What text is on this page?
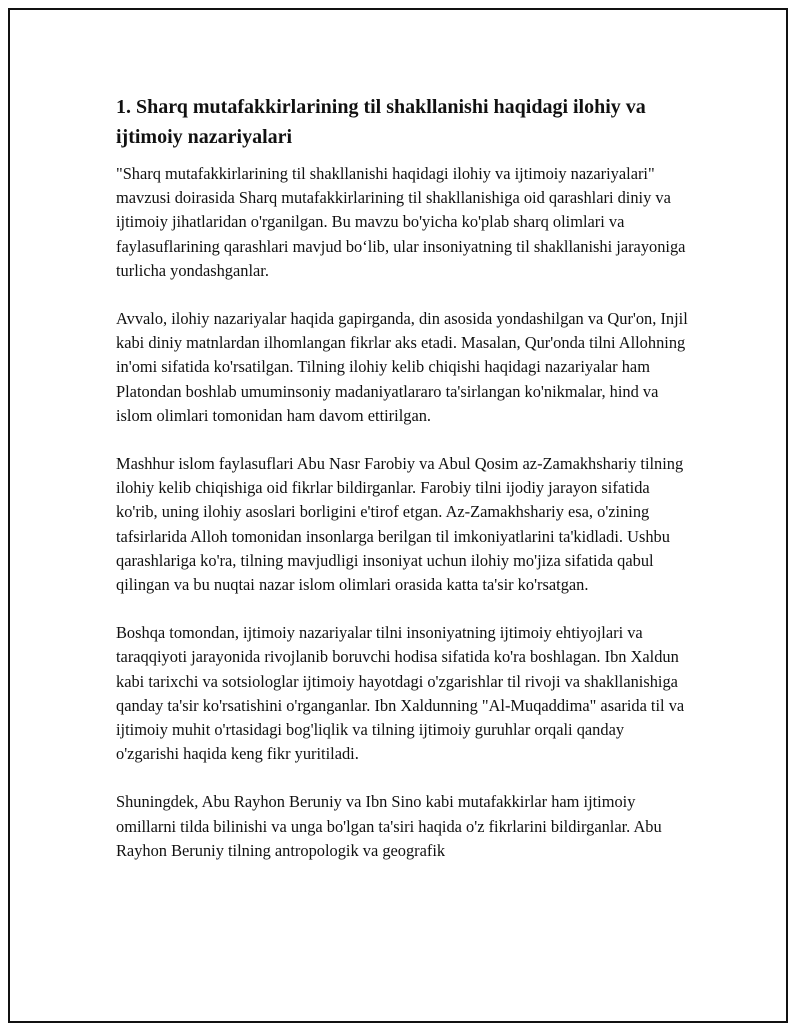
1. Sharq mutafakkirlarining til shakllanishi haqidagi ilohiy va ijtimoiy nazariyalari

"Sharq mutafakkirlarining til shakllanishi haqidagi ilohiy va ijtimoiy nazariyalari" mavzusi doirasida Sharq mutafakkirlarining til shakllanishiga oid qarashlari diniy va ijtimoiy jihatlaridan o'rganilgan. Bu mavzu bo'yicha ko'plab sharq olimlari va faylasuflarining qarashlari mavjud bo‘lib, ular insoniyatning til shakllanishi jarayoniga turlicha yondashganlar.

Avvalo, ilohiy nazariyalar haqida gapirganda, din asosida yondashilgan va Qur'on, Injil kabi diniy matnlardan ilhomlangan fikrlar aks etadi. Masalan, Qur'onda tilni Allohning in'omi sifatida ko'rsatilgan. Tilning ilohiy kelib chiqishi haqidagi nazariyalar ham Platondan boshlab umuminsoniy madaniyatlararo ta'sirlangan ko'nikmalar, hind va islom olimlari tomonidan ham davom ettirilgan.

Mashhur islom faylasuflari Abu Nasr Farobiy va Abul Qosim az-Zamakhshariy tilning ilohiy kelib chiqishiga oid fikrlar bildirganlar. Farobiy tilni ijodiy jarayon sifatida ko'rib, uning ilohiy asoslari borligini e'tirof etgan. Az-Zamakhshariy esa, o'zining tafsirlarida Alloh tomonidan insonlarga berilgan til imkoniyatlarini ta'kidladi. Ushbu qarashlariga ko'ra, tilning mavjudligi insoniyat uchun ilohiy mo'jiza sifatida qabul qilingan va bu nuqtai nazar islom olimlari orasida katta ta'sir ko'rsatgan.

Boshqa tomondan, ijtimoiy nazariyalar tilni insoniyatning ijtimoiy ehtiyojlari va taraqqiyoti jarayonida rivojlanib boruvchi hodisa sifatida ko'ra boshlagan. Ibn Xaldun kabi tarixchi va sotsiologlar ijtimoiy hayotdagi o'zgarishlar til rivoji va shakllanishiga qanday ta'sir ko'rsatishini o'rganganlar. Ibn Xaldunning "Al-Muqaddima" asarida til va ijtimoiy muhit o'rtasidagi bog'liqlik va tilning ijtimoiy guruhlar orqali qanday o'zgarishi haqida keng fikr yuritiladi.

Shuningdek, Abu Rayhon Beruniy va Ibn Sino kabi mutafakkirlar ham ijtimoiy omillarni tilda bilinishi va unga bo'lgan ta'siri haqida o'z fikrlarini bildirganlar. Abu Rayhon Beruniy tilning antropologik va geografik
